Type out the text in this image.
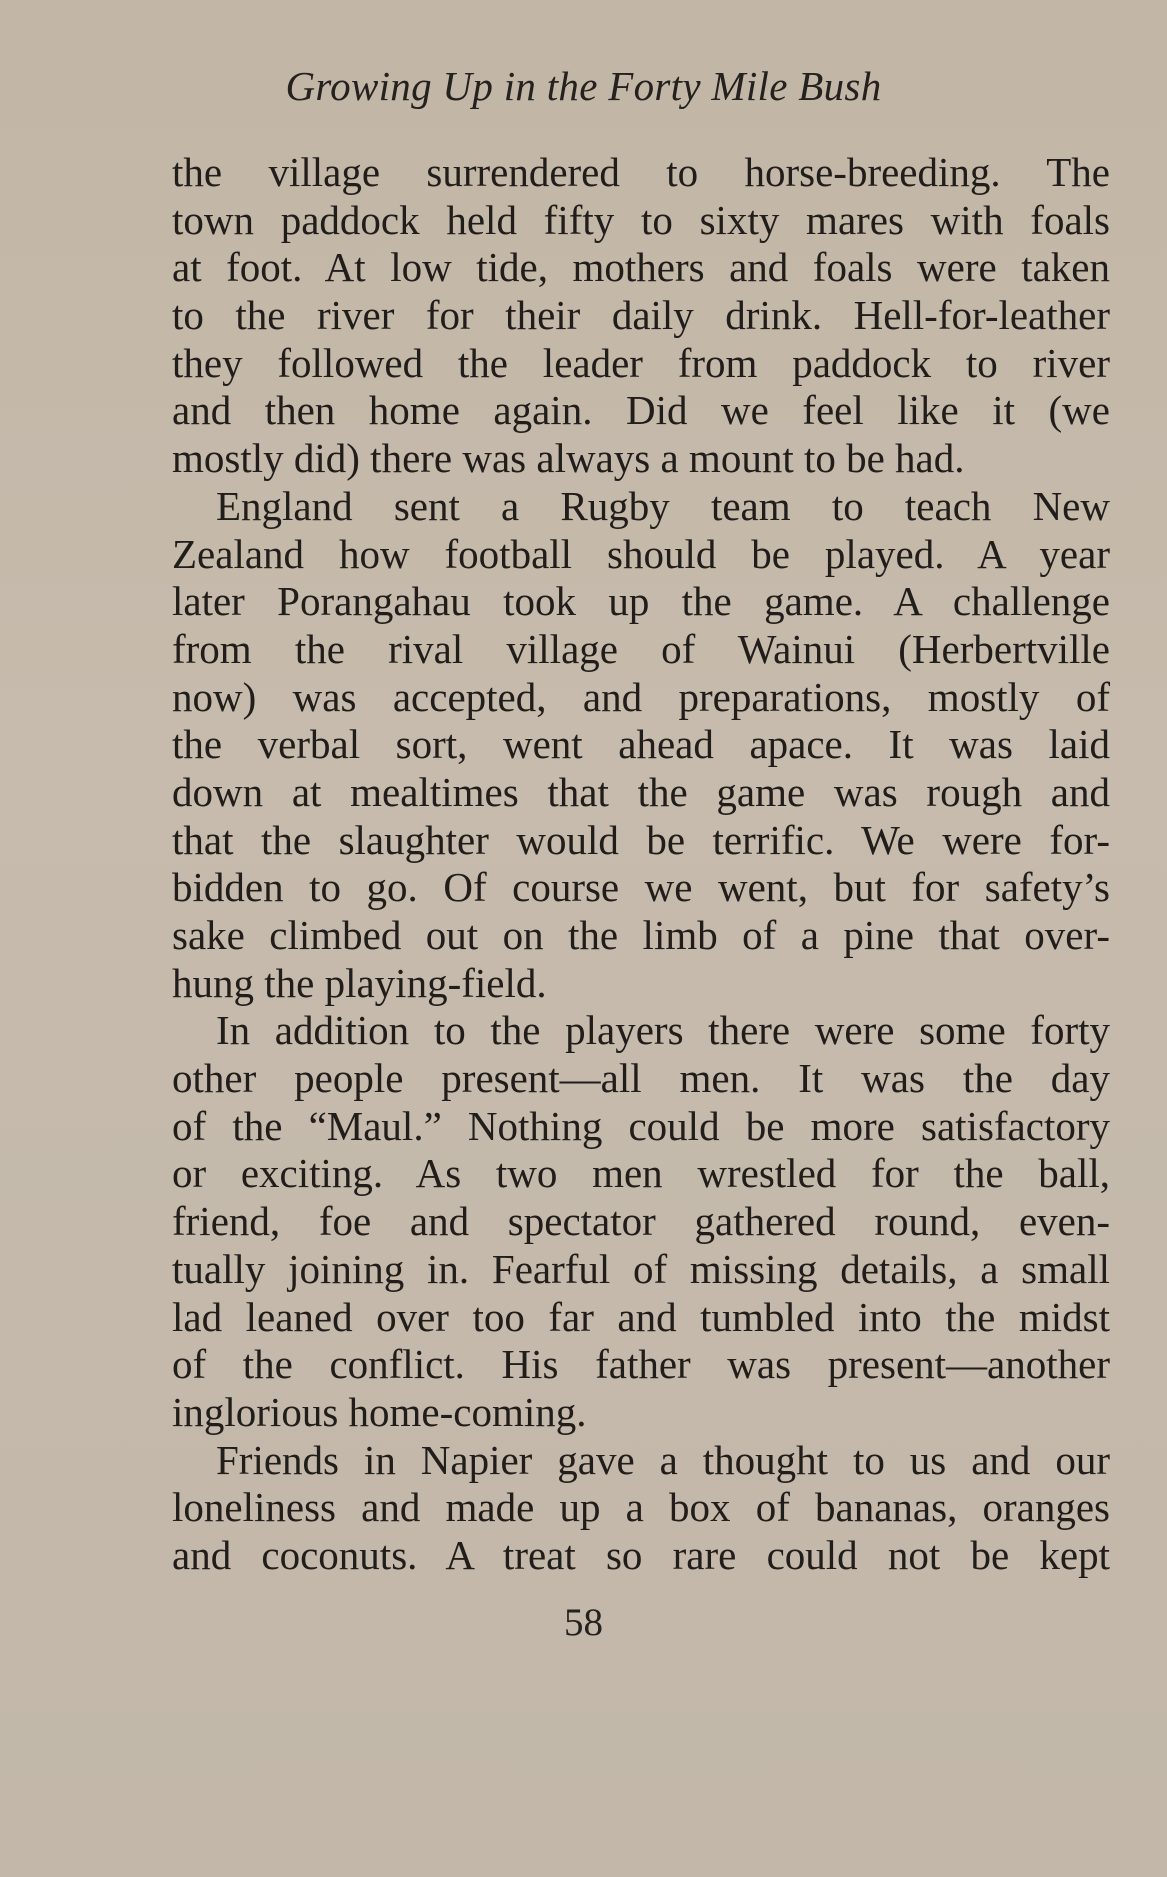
Growing Up in the Forty Mile Bush
the village surrendered to horse-breeding. The
town paddock held fifty to sixty mares with foals
at foot. At low tide, mothers and foals were taken
to the river for their daily drink. Hell-for-leather
they followed the leader from paddock to river
and then home again. Did we feel like it (we
mostly did) there was always a mount to be had.
England sent a Rugby team to teach New
Zealand how football should be played. A year
later Porangahau took up the game. A challenge
from the rival village of Wainui (Herbertville
now) was accepted, and preparations, mostly of
the verbal sort, went ahead apace. It was laid
down at mealtimes that the game was rough and
that the slaughter would be terrific. We were for-
bidden to go. Of course we went, but for safety’s
sake climbed out on the limb of a pine that over-
hung the playing-field.
In addition to the players there were some forty
other people present—all men. It was the day
of the “Maul.” Nothing could be more satisfactory
or exciting. As two men wrestled for the ball,
friend, foe and spectator gathered round, even-
tually joining in. Fearful of missing details, a small
lad leaned over too far and tumbled into the midst
of the conflict. His father was present—another
inglorious home-coming.
Friends in Napier gave a thought to us and our
loneliness and made up a box of bananas, oranges
and coconuts. A treat so rare could not be kept
58
